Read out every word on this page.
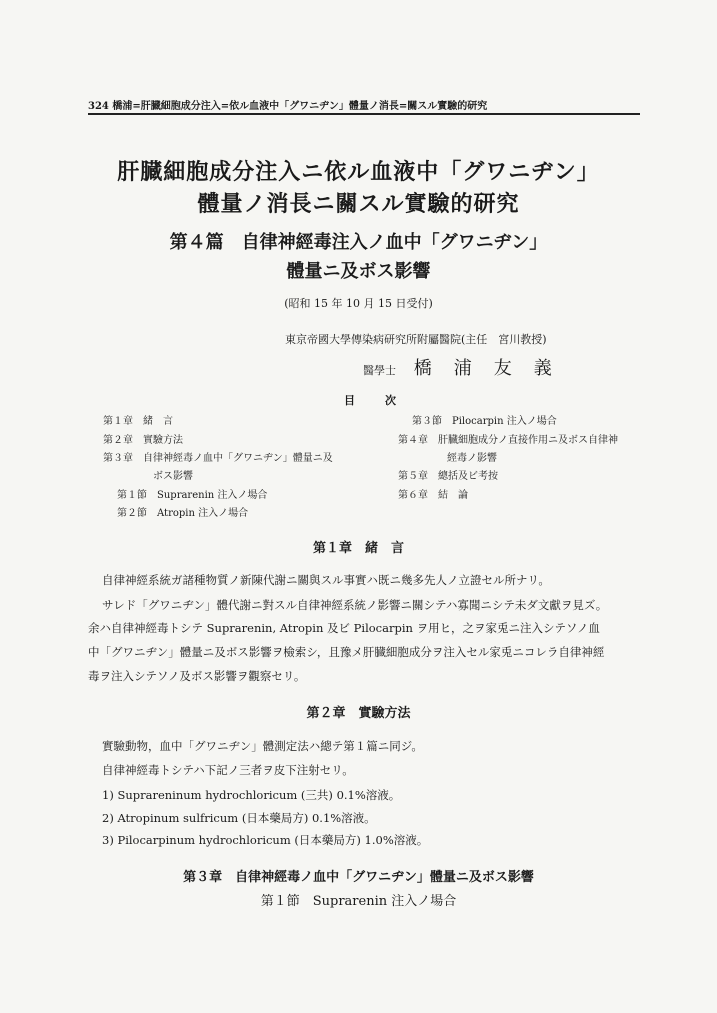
324 橋浦=肝臓細胞成分注入=依ル血液中「グワニヂン」體量ノ消長=關スル實驗的研究
肝臓細胞成分注入ニ依ル血液中「グワニヂン」
體量ノ消長ニ關スル實驗的研究
第４篇　自律神經毒注入ノ血中「グワニヂン」
體量ニ及ボス影響
(昭和 15 年 10 月 15 日受付)
東京帝國大學傳染病研究所附屬醫院(主任　宮川教授)
醫學士 橋浦友義
目次
第１章　緒　言
第２章　實驗方法
第３章　自律神經毒ノ血中「グワニヂン」體量ニ及
ボス影響
第１節　Suprarenin 注入ノ場合
第２節　Atropin 注入ノ場合
第３節　Pilocarpin 注入ノ場合
第４章　肝臓細胞成分ノ直接作用ニ及ボス自律神
經毒ノ影響
第５章　總括及ビ考按
第６章　結　論
第１章　緒　言
自律神經系統ガ諸種物質ノ新陳代謝ニ關與スル事實ハ既ニ幾多先人ノ立證セル所ナリ。
サレド「グワニヂン」體代謝ニ對スル自律神經系統ノ影響ニ關シテハ寡聞ニシテ未ダ文獻ヲ見ズ。
余ハ自律神經毒トシテ Suprarenin, Atropin 及ビ Pilocarpin ヲ用ヒ，之ヲ家兎ニ注入シテソノ血
中「グワニヂン」體量ニ及ボス影響ヲ檢索シ，且豫メ肝臓細胞成分ヲ注入セル家兎ニコレラ自律神經
毒ヲ注入シテソノ及ボス影響ヲ觀察セリ。
第２章　實驗方法
實驗動物，血中「グワニヂン」體測定法ハ總テ第１篇ニ同ジ。
自律神經毒トシテハ下記ノ三者ヲ皮下注射セリ。
1) Suprareninum hydrochloricum (三共) 0.1%溶液。
2) Atropinum sulfricum (日本藥局方) 0.1%溶液。
3) Pilocarpinum hydrochloricum (日本藥局方) 1.0%溶液。
第３章　自律神經毒ノ血中「グワニヂン」體量ニ及ボス影響
第１節　Suprarenin 注入ノ場合
